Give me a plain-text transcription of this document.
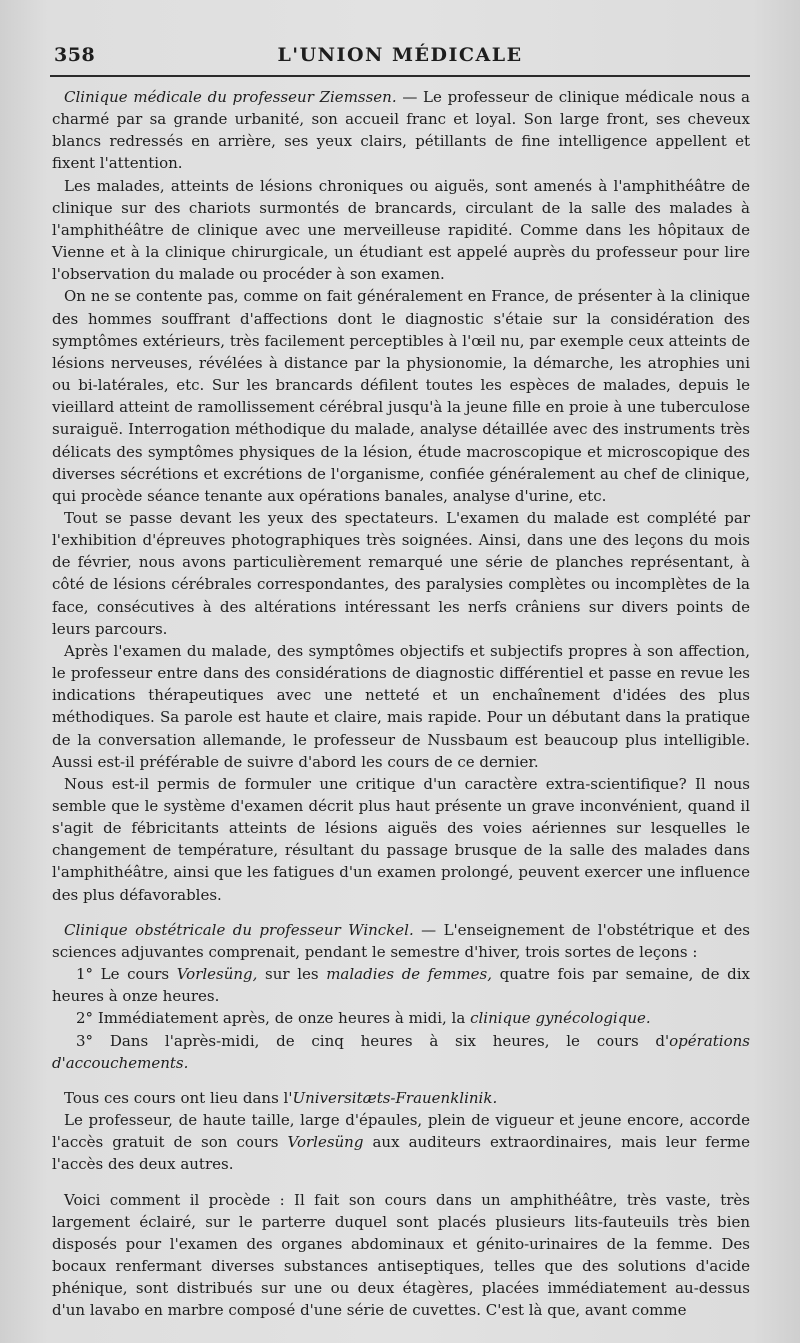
358	L'UNION MÉDICALE

Clinique médicale du professeur Ziemssen. — Le professeur de clinique médicale nous a charmé par sa grande urbanité, son accueil franc et loyal. Son large front, ses cheveux blancs redressés en arrière, ses yeux clairs, pétillants de fine intelligence appellent et fixent l'attention.

Les malades, atteints de lésions chroniques ou aiguës, sont amenés à l'amphithéâtre de clinique sur des chariots surmontés de brancards, circulant de la salle des malades à l'amphithéâtre de clinique avec une merveilleuse rapidité. Comme dans les hôpitaux de Vienne et à la clinique chirurgicale, un étudiant est appelé auprès du professeur pour lire l'observation du malade ou procéder à son examen.

On ne se contente pas, comme on fait généralement en France, de présenter à la clinique des hommes souffrant d'affections dont le diagnostic s'étaie sur la considération des symptômes extérieurs, très facilement perceptibles à l'œil nu, par exemple ceux atteints de lésions nerveuses, révélées à distance par la physionomie, la démarche, les atrophies uni ou bi-latérales, etc. Sur les brancards défilent toutes les espèces de malades, depuis le vieillard atteint de ramollissement cérébral jusqu'à la jeune fille en proie à une tuberculose suraiguë. Interrogation méthodique du malade, analyse détaillée avec des instruments très délicats des symptômes physiques de la lésion, étude macroscopique et microscopique des diverses sécrétions et excrétions de l'organisme, confiée généralement au chef de clinique, qui procède séance tenante aux opérations banales, analyse d'urine, etc.

Tout se passe devant les yeux des spectateurs. L'examen du malade est complété par l'exhibition d'épreuves photographiques très soignées. Ainsi, dans une des leçons du mois de février, nous avons particulièrement remarqué une série de planches représentant, à côté de lésions cérébrales correspondantes, des paralysies complètes ou incomplètes de la face, consécutives à des altérations intéressant les nerfs crâniens sur divers points de leurs parcours.

Après l'examen du malade, des symptômes objectifs et subjectifs propres à son affection, le professeur entre dans des considérations de diagnostic différentiel et passe en revue les indications thérapeutiques avec une netteté et un enchaînement d'idées des plus méthodiques. Sa parole est haute et claire, mais rapide. Pour un débutant dans la pratique de la conversation allemande, le professeur de Nussbaum est beaucoup plus intelligible. Aussi est-il préférable de suivre d'abord les cours de ce dernier.

Nous est-il permis de formuler une critique d'un caractère extra-scientifique? Il nous semble que le système d'examen décrit plus haut présente un grave inconvénient, quand il s'agit de fébricitants atteints de lésions aiguës des voies aériennes sur lesquelles le changement de température, résultant du passage brusque de la salle des malades dans l'amphithéâtre, ainsi que les fatigues d'un examen prolongé, peuvent exercer une influence des plus défavorables.

Clinique obstétricale du professeur Winckel. — L'enseignement de l'obstétrique et des sciences adjuvantes comprenait, pendant le semestre d'hiver, trois sortes de leçons :

1° Le cours Vorlesüng, sur les maladies de femmes, quatre fois par semaine, de dix heures à onze heures.

2° Immédiatement après, de onze heures à midi, la clinique gynécologique.

3° Dans l'après-midi, de cinq heures à six heures, le cours d'opérations d'accouchements.

Tous ces cours ont lieu dans l'Universitæts-Frauenklinik.

Le professeur, de haute taille, large d'épaules, plein de vigueur et jeune encore, accorde l'accès gratuit de son cours Vorlesüng aux auditeurs extraordinaires, mais leur ferme l'accès des deux autres.

Voici comment il procède : Il fait son cours dans un amphithéâtre, très vaste, très largement éclairé, sur le parterre duquel sont placés plusieurs lits-fauteuils très bien disposés pour l'examen des organes abdominaux et génito-urinaires de la femme. Des bocaux renfermant diverses substances antiseptiques, telles que des solutions d'acide phénique, sont distribués sur une ou deux étagères, placées immédiatement au-dessus d'un lavabo en marbre composé d'une série de cuvettes. C'est là que, avant comme
